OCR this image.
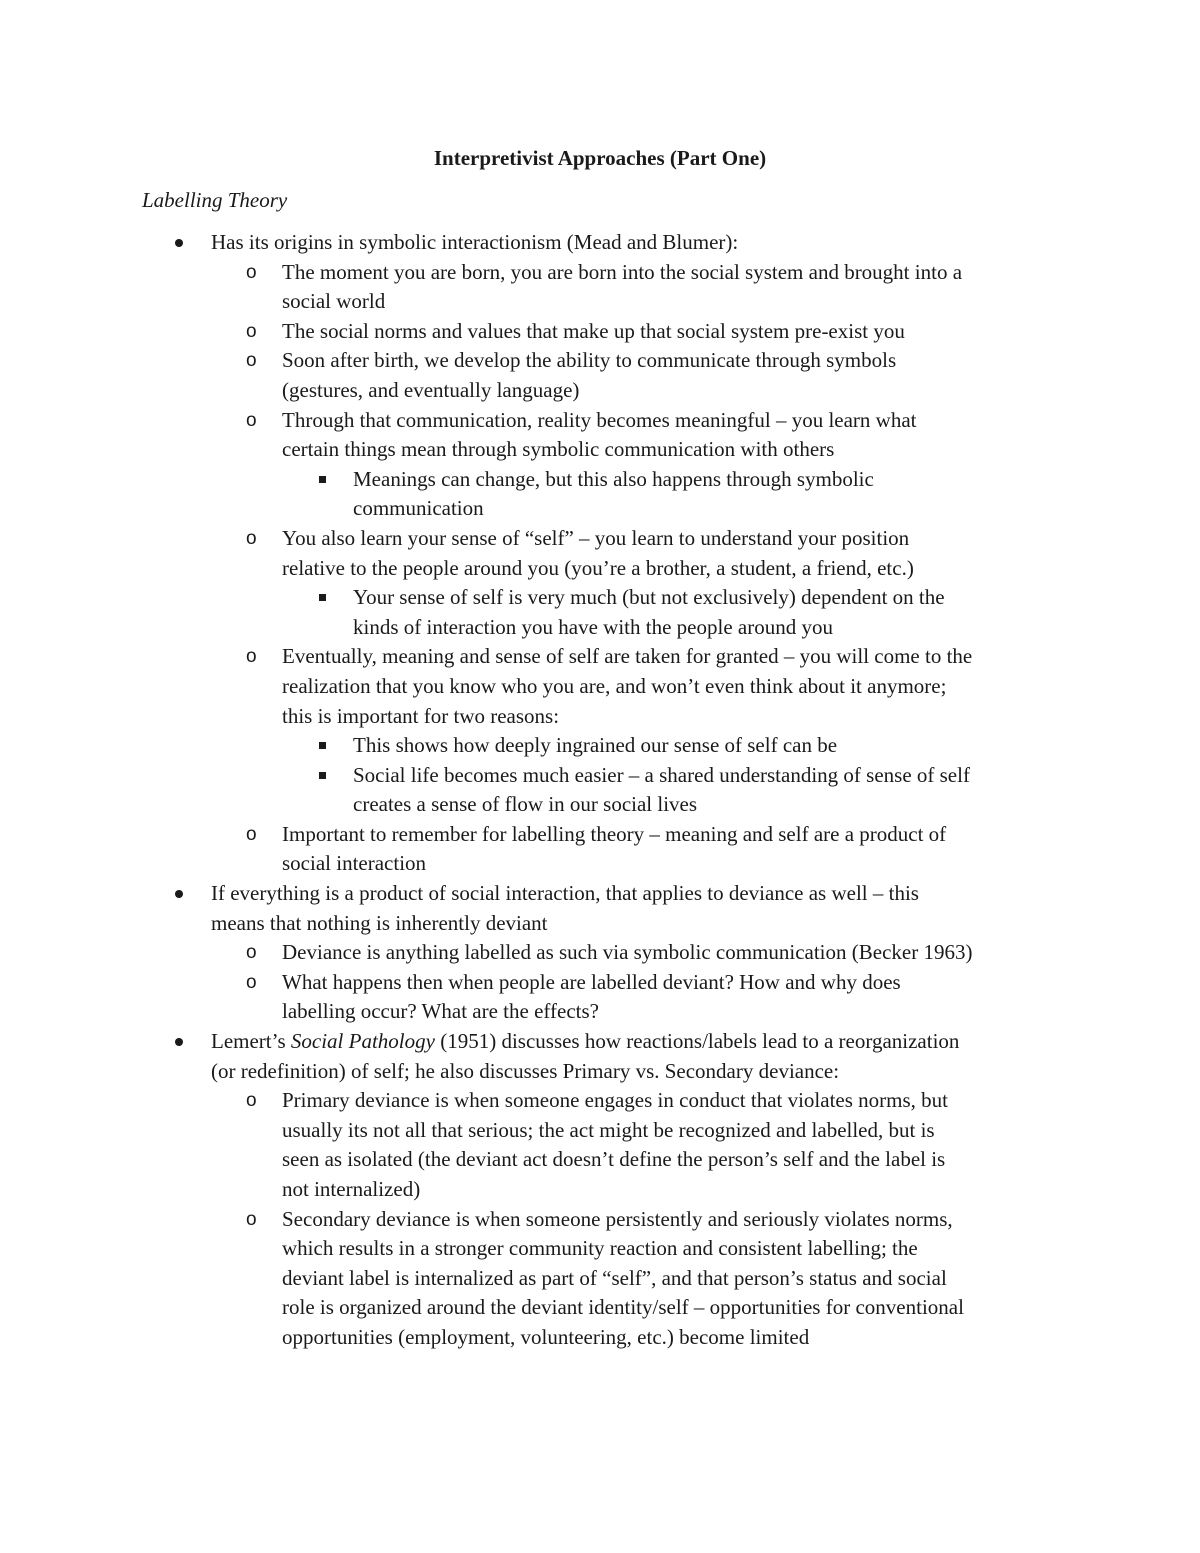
Interpretivist Approaches (Part One)
Labelling Theory
Has its origins in symbolic interactionism (Mead and Blumer):
o The moment you are born, you are born into the social system and brought into a
social world
o The social norms and values that make up that social system pre-exist you
o Soon after birth, we develop the ability to communicate through symbols
(gestures, and eventually language)
o Through that communication, reality becomes meaningful – you learn what
certain things mean through symbolic communication with others
Meanings can change, but this also happens through symbolic
communication
o You also learn your sense of “self” – you learn to understand your position
relative to the people around you (you’re a brother, a student, a friend, etc.)
Your sense of self is very much (but not exclusively) dependent on the
kinds of interaction you have with the people around you
o Eventually, meaning and sense of self are taken for granted – you will come to the
realization that you know who you are, and won’t even think about it anymore;
this is important for two reasons:
This shows how deeply ingrained our sense of self can be
Social life becomes much easier – a shared understanding of sense of self
creates a sense of flow in our social lives
o Important to remember for labelling theory – meaning and self are a product of
social interaction
If everything is a product of social interaction, that applies to deviance as well – this
means that nothing is inherently deviant
o Deviance is anything labelled as such via symbolic communication (Becker 1963)
o What happens then when people are labelled deviant? How and why does
labelling occur? What are the effects?
Lemert’s Social Pathology (1951) discusses how reactions/labels lead to a reorganization
(or redefinition) of self; he also discusses Primary vs. Secondary deviance:
o Primary deviance is when someone engages in conduct that violates norms, but
usually its not all that serious; the act might be recognized and labelled, but is
seen as isolated (the deviant act doesn’t define the person’s self and the label is
not internalized)
o Secondary deviance is when someone persistently and seriously violates norms,
which results in a stronger community reaction and consistent labelling; the
deviant label is internalized as part of “self”, and that person’s status and social
role is organized around the deviant identity/self – opportunities for conventional
opportunities (employment, volunteering, etc.) become limited
